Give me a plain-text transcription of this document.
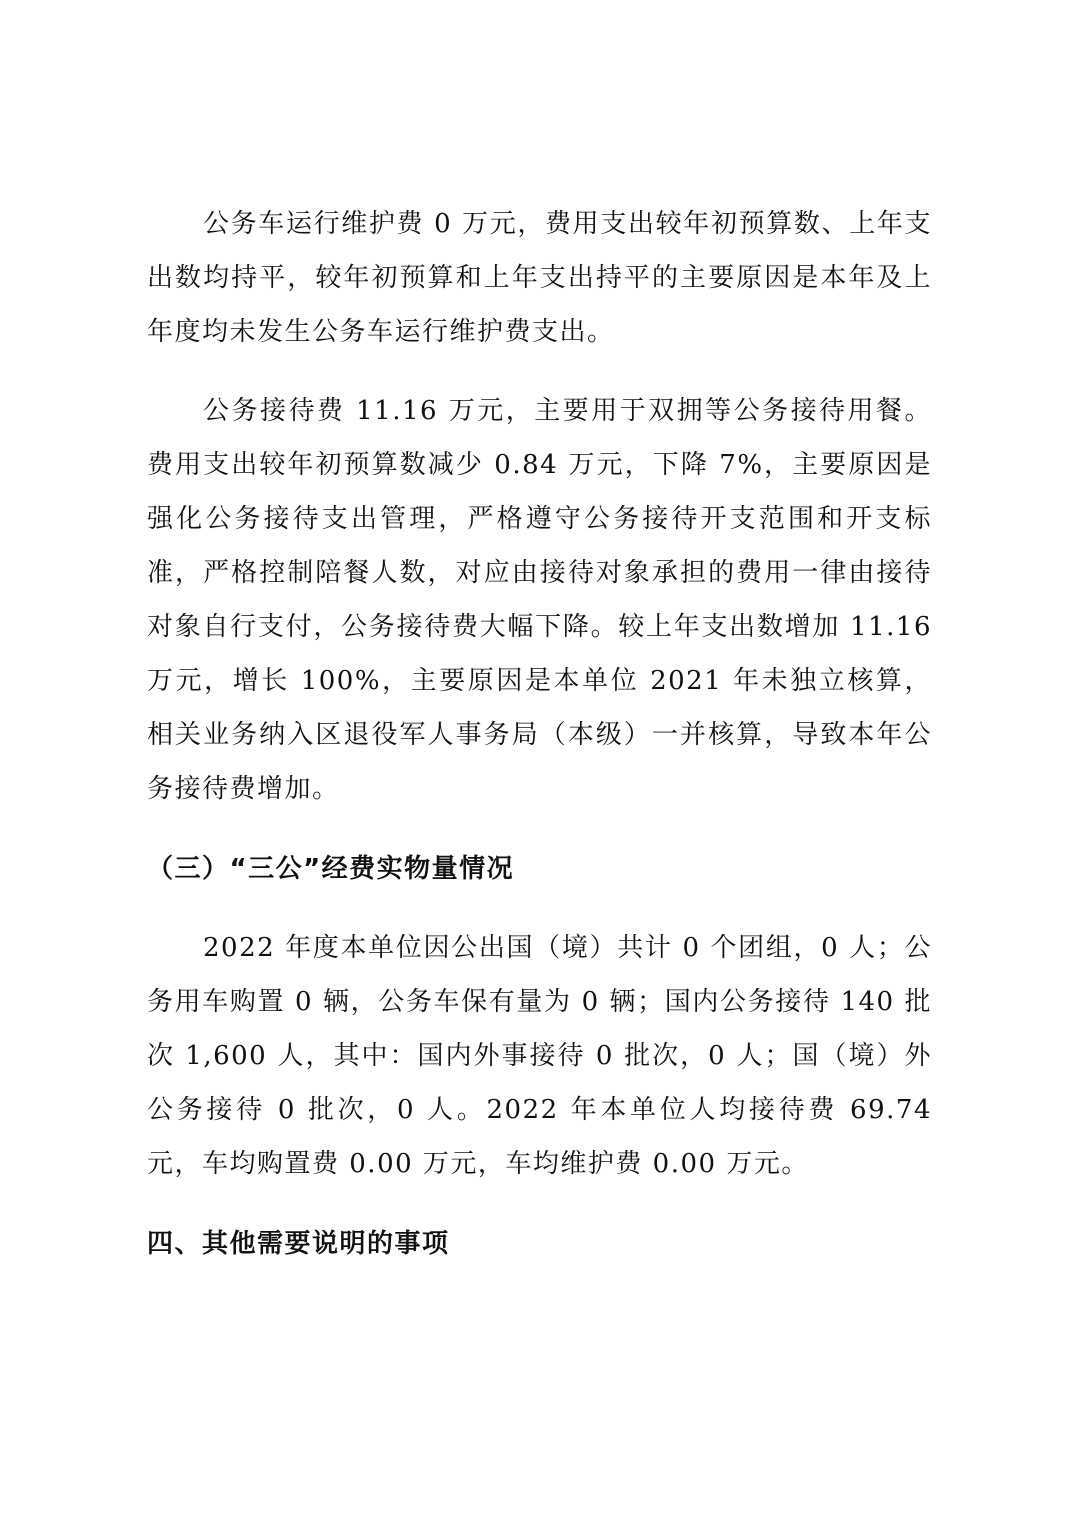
公务车运行维护费 0 万元，费用支出较年初预算数、上年支出数均持平，较年初预算和上年支出持平的主要原因是本年及上年度均未发生公务车运行维护费支出。

公务接待费 11.16 万元，主要用于双拥等公务接待用餐。费用支出较年初预算数减少 0.84 万元，下降 7%，主要原因是强化公务接待支出管理，严格遵守公务接待开支范围和开支标准，严格控制陪餐人数，对应由接待对象承担的费用一律由接待对象自行支付，公务接待费大幅下降。较上年支出数增加 11.16 万元，增长 100%，主要原因是本单位 2021 年未独立核算，相关业务纳入区退役军人事务局（本级）一并核算，导致本年公务接待费增加。

（三）“三公”经费实物量情况

2022 年度本单位因公出国（境）共计 0 个团组，0 人；公务用车购置 0 辆，公务车保有量为 0 辆；国内公务接待 140 批次 1,600 人，其中：国内外事接待 0 批次，0 人；国（境）外公务接待 0 批次，0 人。2022 年本单位人均接待费 69.74 元，车均购置费 0.00 万元，车均维护费 0.00 万元。

四、其他需要说明的事项
